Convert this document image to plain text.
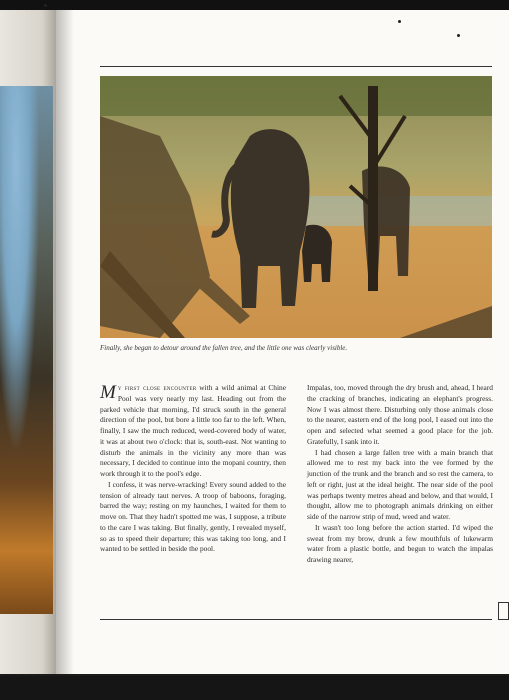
Finally, she began to detour around the fallen tree, and the little one was clearly visible.

My first close encounter with a wild animal at Chine Pool was very nearly my last. Heading out from the parked vehicle that morning, I'd struck south in the general direction of the pool, but bore a little too far to the left. When, finally, I saw the much reduced, weed-covered body of water, it was at about two o'clock: that is, south-east. Not wanting to disturb the animals in the vicinity any more than was necessary, I decided to continue into the mopani country, then work through it to the pool's edge.

I confess, it was nerve-wracking! Every sound added to the tension of already taut nerves. A troop of baboons, foraging, barred the way; resting on my haunches, I waited for them to move on. That they hadn't spotted me was, I suppose, a tribute to the care I was taking. But finally, gently, I revealed myself, so as to speed their departure; this was taking too long, and I wanted to be settled in beside the pool.

Impalas, too, moved through the dry brush and, ahead, I heard the cracking of branches, indicating an elephant's progress. Now I was almost there. Disturbing only those animals close to the nearer, eastern end of the long pool, I eased out into the open and selected what seemed a good place for the job. Gratefully, I sank into it.

I had chosen a large fallen tree with a main branch that allowed me to rest my back into the vee formed by the junction of the trunk and the branch and so rest the camera, to left or right, just at the ideal height. The near side of the pool was perhaps twenty metres ahead and below, and that would, I thought, allow me to photograph animals drinking on either side of the narrow strip of mud, weed and water.

It wasn't too long before the action started. I'd wiped the sweat from my brow, drunk a few mouthfuls of lukewarm water from a plastic bottle, and begun to watch the impalas drawing nearer,
